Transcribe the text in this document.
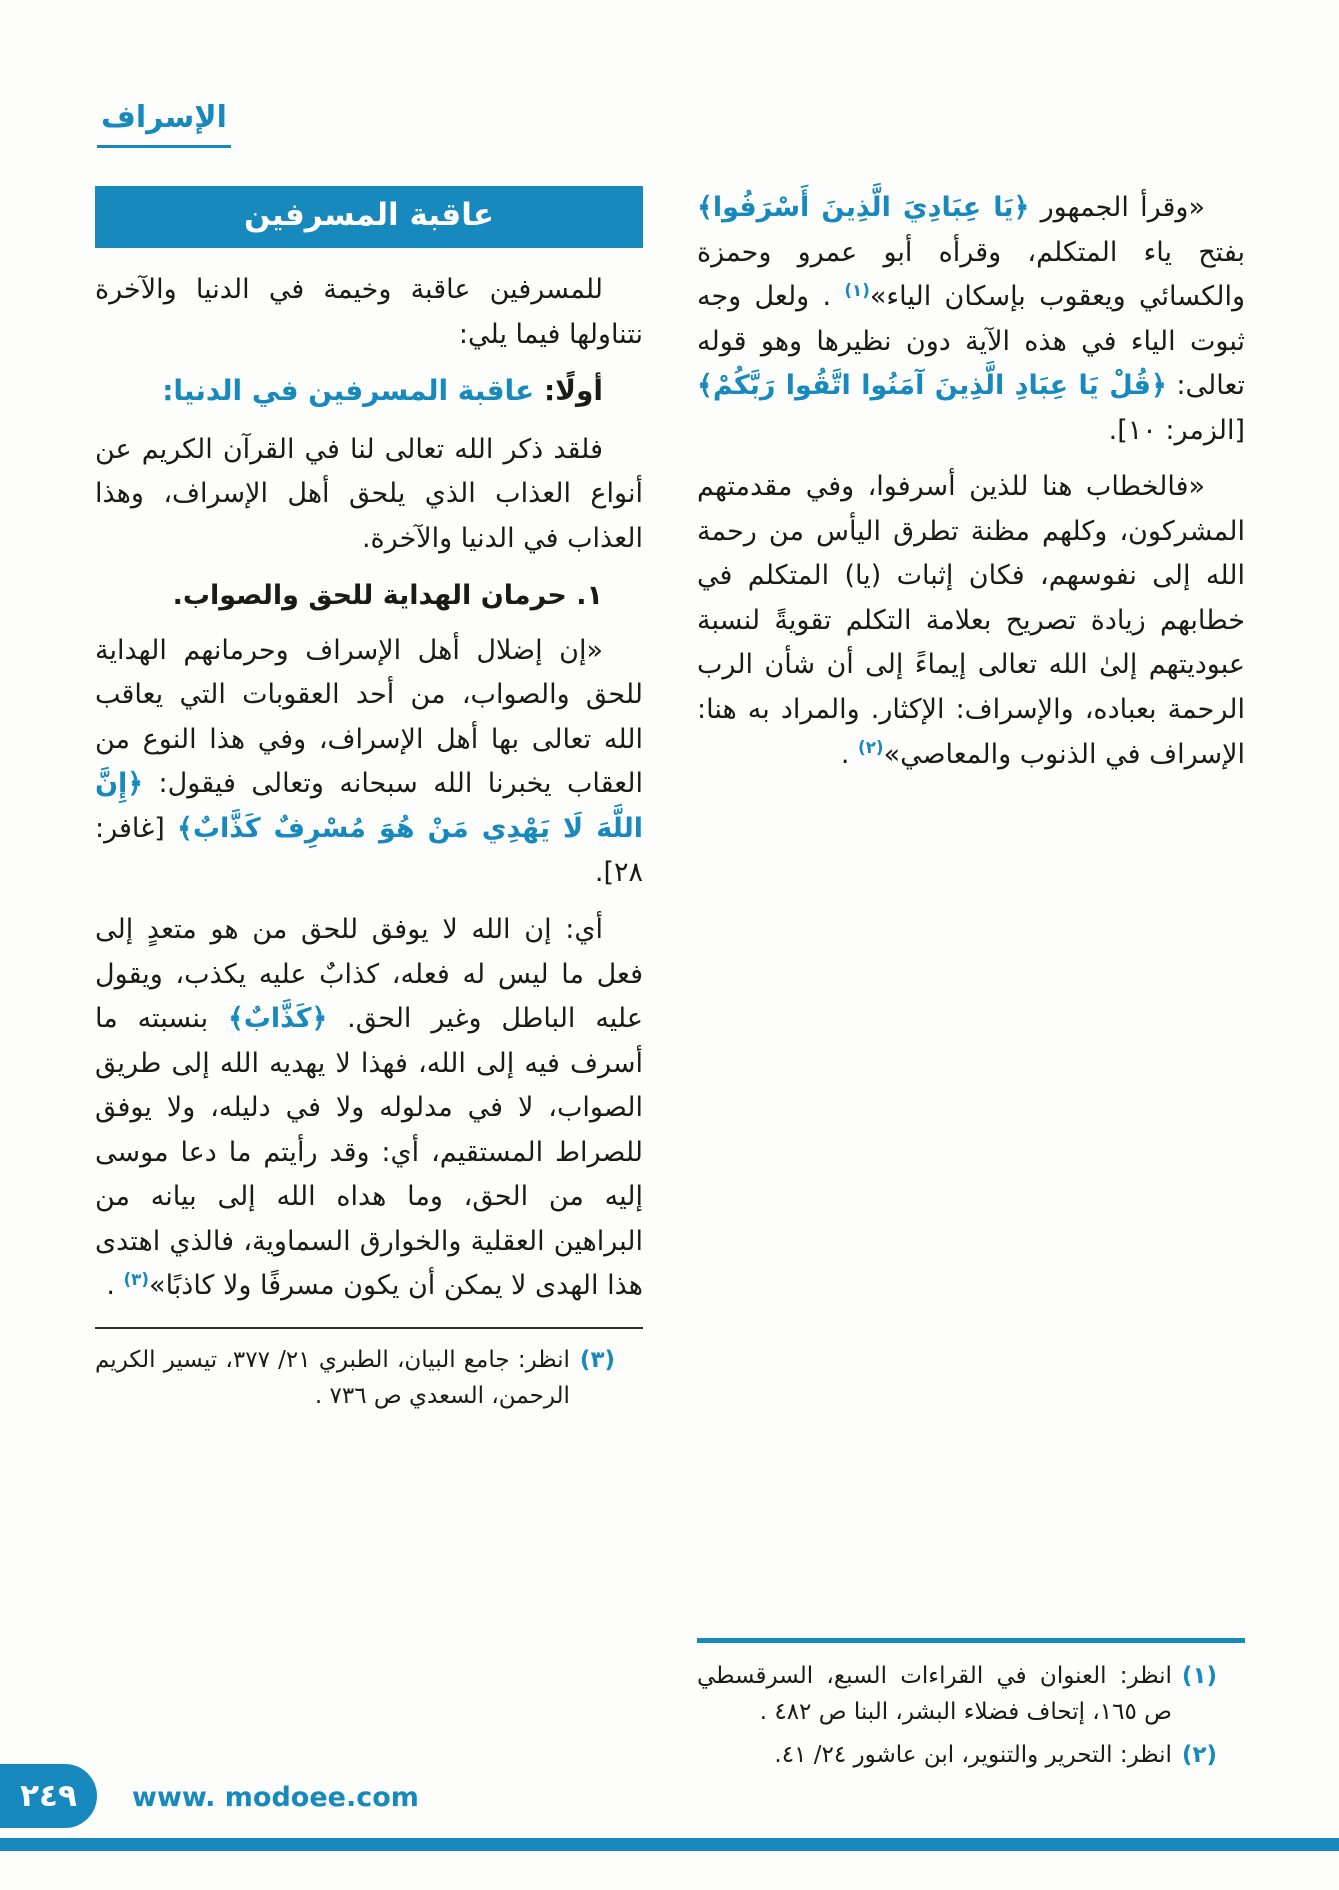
الإسراف

«وقرأ الجمهور ﴿يَا عِبَادِيَ الَّذِينَ أَسْرَفُوا﴾ بفتح ياء المتكلم، وقرأه أبو عمرو وحمزة والكسائي ويعقوب بإسكان الياء»$^{(١)}$ . ولعل وجه ثبوت الياء في هذه الآية دون نظيرها وهو قوله تعالى: ﴿قُلْ يَا عِبَادِ الَّذِينَ آمَنُوا اتَّقُوا رَبَّكُمْ﴾ [الزمر: ١٠].

«فالخطاب هنا للذين أسرفوا، وفي مقدمتهم المشركون، وكلهم مظنة تطرق اليأس من رحمة الله إلى نفوسهم، فكان إثبات (يا) المتكلم في خطابهم زيادة تصريح بعلامة التكلم تقويةً لنسبة عبوديتهم إلىٰ الله تعالى إيماءً إلى أن شأن الرب الرحمة بعباده، والإسراف: الإكثار. والمراد به هنا: الإسراف في الذنوب والمعاصي»$^{(٢)}$ .

(١)
انظر: العنوان في القراءات السبع، السرقسطي ص ١٦٥، إتحاف فضلاء البشر، البنا ص ٤٨٢ .
(٢)
انظر: التحرير والتنوير، ابن عاشور ٢٤/ ٤١.
عاقبة المسرفين

للمسرفين عاقبة وخيمة في الدنيا والآخرة نتناولها فيما يلي:

أولًا: عاقبة المسرفين في الدنيا:

فلقد ذكر الله تعالى لنا في القرآن الكريم عن أنواع العذاب الذي يلحق أهل الإسراف، وهذا العذاب في الدنيا والآخرة.

١. حرمان الهداية للحق والصواب.

«إن إضلال أهل الإسراف وحرمانهم الهداية للحق والصواب، من أحد العقوبات التي يعاقب الله تعالى بها أهل الإسراف، وفي هذا النوع من العقاب يخبرنا الله سبحانه وتعالى فيقول: ﴿إِنَّ اللَّهَ لَا يَهْدِي مَنْ هُوَ مُسْرِفٌ كَذَّابٌ﴾ [غافر: ٢٨].

أي: إن الله لا يوفق للحق من هو متعدٍ إلى فعل ما ليس له فعله، كذابٌ عليه يكذب، ويقول عليه الباطل وغير الحق. ﴿كَذَّابٌ﴾ بنسبته ما أسرف فيه إلى الله، فهذا لا يهديه الله إلى طريق الصواب، لا في مدلوله ولا في دليله، ولا يوفق للصراط المستقيم، أي: وقد رأيتم ما دعا موسى إليه من الحق، وما هداه الله إلى بيانه من البراهين العقلية والخوارق السماوية، فالذي اهتدى هذا الهدى لا يمكن أن يكون مسرفًا ولا كاذبًا»$^{(٣)}$ .

(٣)
انظر: جامع البيان، الطبري ٢١/ ٣٧٧، تيسير الكريم الرحمن، السعدي ص ٧٣٦ .
٢٤٩	www. modoee.com
